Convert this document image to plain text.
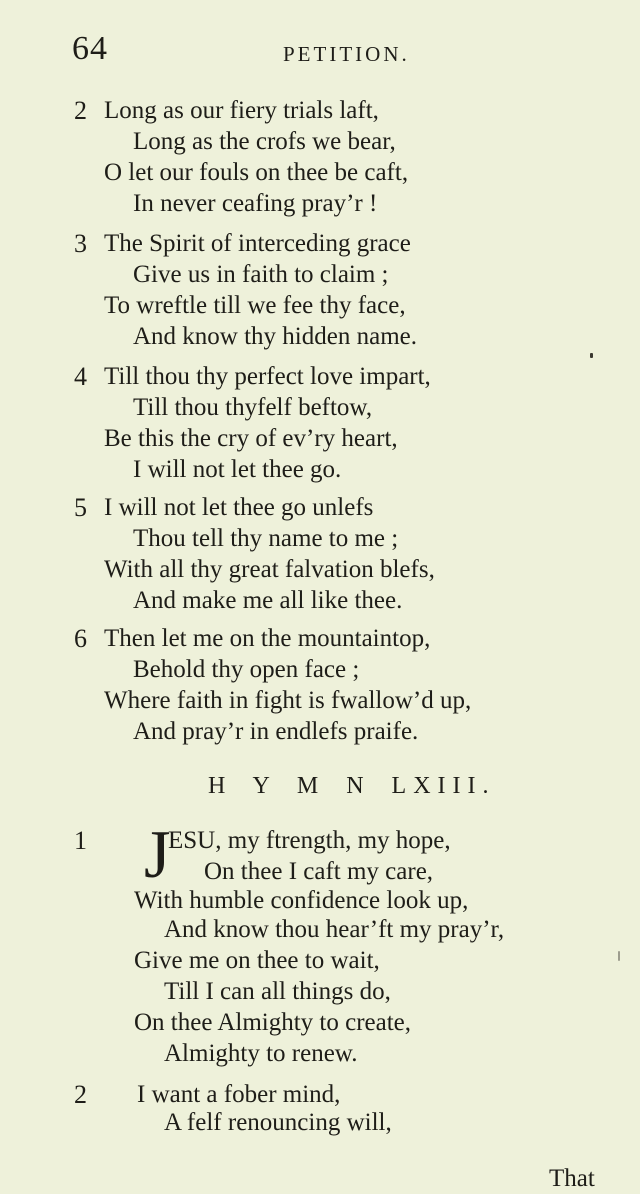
64	PETITION.
2 Long as our fiery trials laft,
Long as the crofs we bear,
O let our fouls on thee be caft,
In never ceafing pray’r !
3 The Spirit of interceding grace
Give us in faith to claim ;
To wreftle till we fee thy face,
And know thy hidden name.
4 Till thou thy perfect love impart,
Till thou thyfelf beftow,
Be this the cry of ev’ry heart,
I will not let thee go.
5 I will not let thee go unlefs
Thou tell thy name to me ;
With all thy great falvation blefs,
And make me all like thee.
6 Then let me on the mountaintop,
Behold thy open face ;
Where faith in fight is fwallow’d up,
And pray’r in endlefs praife.
H Y M N LXIII.
1 J
ESU, my ftrength, my hope,
On thee I caft my care,
With humble confidence look up,
And know thou hear’ft my pray’r,
Give me on thee to wait,
Till I can all things do,
On thee Almighty to create,
Almighty to renew.
2 I want a fober mind,
A felf renouncing will,
That
